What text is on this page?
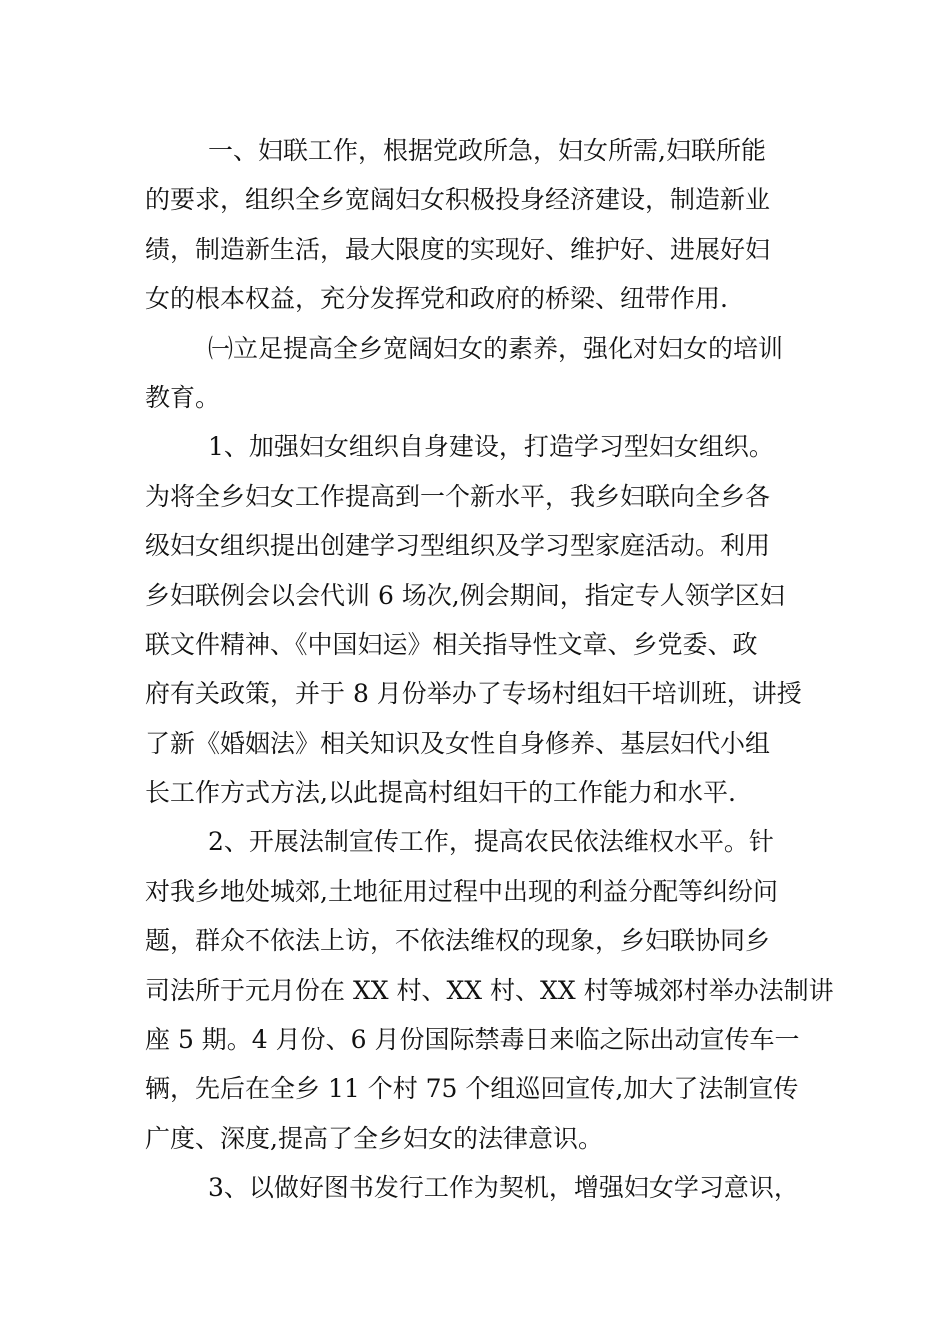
一、妇联工作，根据党政所急，妇女所需,妇联所能
的要求，组织全乡宽阔妇女积极投身经济建设，制造新业
绩，制造新生活，最大限度的实现好、维护好、进展好妇
女的根本权益，充分发挥党和政府的桥梁、纽带作用.
㈠立足提高全乡宽阔妇女的素养，强化对妇女的培训
教育。
1、加强妇女组织自身建设，打造学习型妇女组织。
为将全乡妇女工作提高到一个新水平，我乡妇联向全乡各
级妇女组织提出创建学习型组织及学习型家庭活动。利用
乡妇联例会以会代训 6 场次,例会期间，指定专人领学区妇
联文件精神、《中国妇运》相关指导性文章、乡党委、政
府有关政策，并于 8 月份举办了专场村组妇干培训班，讲授
了新《婚姻法》相关知识及女性自身修养、基层妇代小组
长工作方式方法,以此提高村组妇干的工作能力和水平.
2、开展法制宣传工作，提高农民依法维权水平。针
对我乡地处城郊,土地征用过程中出现的利益分配等纠纷问
题，群众不依法上访，不依法维权的现象，乡妇联协同乡
司法所于元月份在 XX 村、XX 村、XX 村等城郊村举办法制讲
座 5 期。4 月份、6 月份国际禁毒日来临之际出动宣传车一
辆，先后在全乡 11 个村 75 个组巡回宣传,加大了法制宣传
广度、深度,提高了全乡妇女的法律意识。
3、以做好图书发行工作为契机，增强妇女学习意识，
